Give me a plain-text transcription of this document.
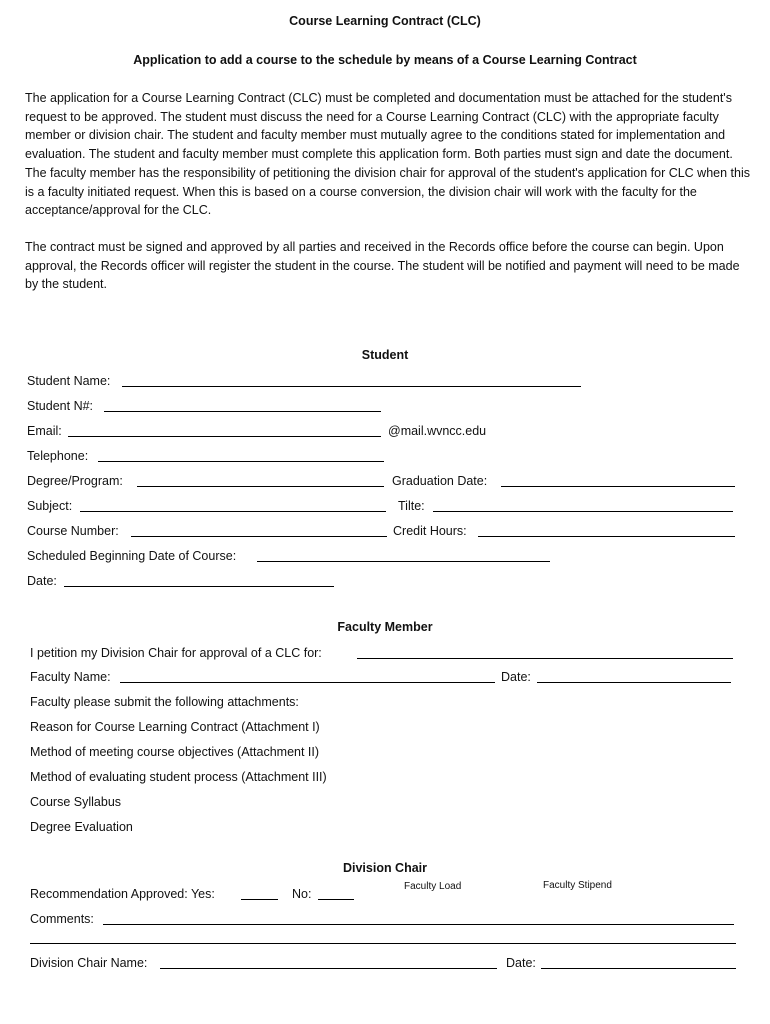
Course Learning Contract (CLC)
Application to add a course to the schedule by means of a Course Learning Contract

The application for a Course Learning Contract (CLC) must be completed and documentation must be attached for the student's request to be approved. The student must discuss the need for a Course Learning Contract (CLC) with the appropriate faculty member or division chair. The student and faculty member must mutually agree to the conditions stated for implementation and evaluation. The student and faculty member must complete this application form. Both parties must sign and date the document. The faculty member has the responsibility of petitioning the division chair for approval of the student's application for CLC when this is a faculty initiated request. When this is based on a course conversion, the division chair will work with the faculty for the acceptance/approval for the CLC.

The contract must be signed and approved by all parties and received in the Records office before the course can begin. Upon approval, the Records officer will register the student in the course. The student will be notified and payment will need to be made by the student.

Student
Student Name:
Student N#:
Email:	@mail.wvncc.edu
Telephone:
Degree/Program:	Graduation Date:
Subject:	Tilte:
Course Number:	Credit Hours:
Scheduled Beginning Date of Course:
Date:
Faculty Member
I petition my Division Chair for approval of a CLC for:
Faculty Name:	Date:
Faculty please submit the following attachments:
Reason for Course Learning Contract (Attachment I)
Method of meeting course objectives (Attachment II)
Method of evaluating student process (Attachment III)
Course Syllabus
Degree Evaluation
Division Chair
Faculty Load	Faculty Stipend
Recommendation Approved: Yes:	No:
Comments:
Division Chair Name:	Date:
